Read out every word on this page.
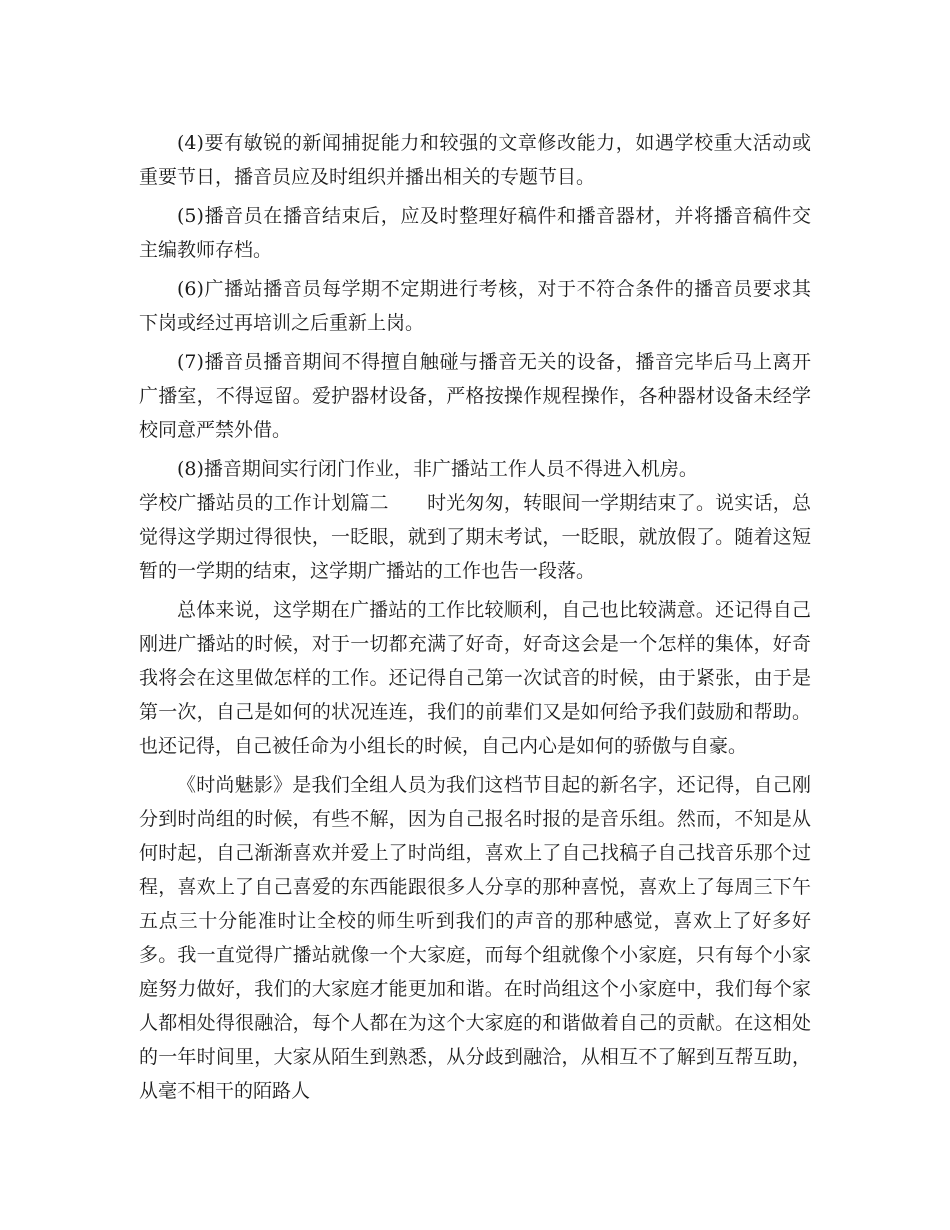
(4)要有敏锐的新闻捕捉能力和较强的文章修改能力，如遇学校重大活动或重要节日，播音员应及时组织并播出相关的专题节目。

(5)播音员在播音结束后，应及时整理好稿件和播音器材，并将播音稿件交主编教师存档。

(6)广播站播音员每学期不定期进行考核，对于不符合条件的播音员要求其下岗或经过再培训之后重新上岗。

(7)播音员播音期间不得擅自触碰与播音无关的设备，播音完毕后马上离开广播室，不得逗留。爱护器材设备，严格按操作规程操作，各种器材设备未经学校同意严禁外借。

(8)播音期间实行闭门作业，非广播站工作人员不得进入机房。

学校广播站员的工作计划篇二　　时光匆匆，转眼间一学期结束了。说实话，总觉得这学期过得很快，一眨眼，就到了期末考试，一眨眼，就放假了。随着这短暂的一学期的结束，这学期广播站的工作也告一段落。

总体来说，这学期在广播站的工作比较顺利，自己也比较满意。还记得自己刚进广播站的时候，对于一切都充满了好奇，好奇这会是一个怎样的集体，好奇我将会在这里做怎样的工作。还记得自己第一次试音的时候，由于紧张，由于是第一次，自己是如何的状况连连，我们的前辈们又是如何给予我们鼓励和帮助。也还记得，自己被任命为小组长的时候，自己内心是如何的骄傲与自豪。

《时尚魅影》是我们全组人员为我们这档节目起的新名字，还记得，自己刚分到时尚组的时候，有些不解，因为自己报名时报的是音乐组。然而，不知是从何时起，自己渐渐喜欢并爱上了时尚组，喜欢上了自己找稿子自己找音乐那个过程，喜欢上了自己喜爱的东西能跟很多人分享的那种喜悦，喜欢上了每周三下午五点三十分能准时让全校的师生听到我们的声音的那种感觉，喜欢上了好多好多。我一直觉得广播站就像一个大家庭，而每个组就像个小家庭，只有每个小家庭努力做好，我们的大家庭才能更加和谐。在时尚组这个小家庭中，我们每个家人都相处得很融洽，每个人都在为这个大家庭的和谐做着自己的贡献。在这相处的一年时间里，大家从陌生到熟悉，从分歧到融洽，从相互不了解到互帮互助，从毫不相干的陌路人
